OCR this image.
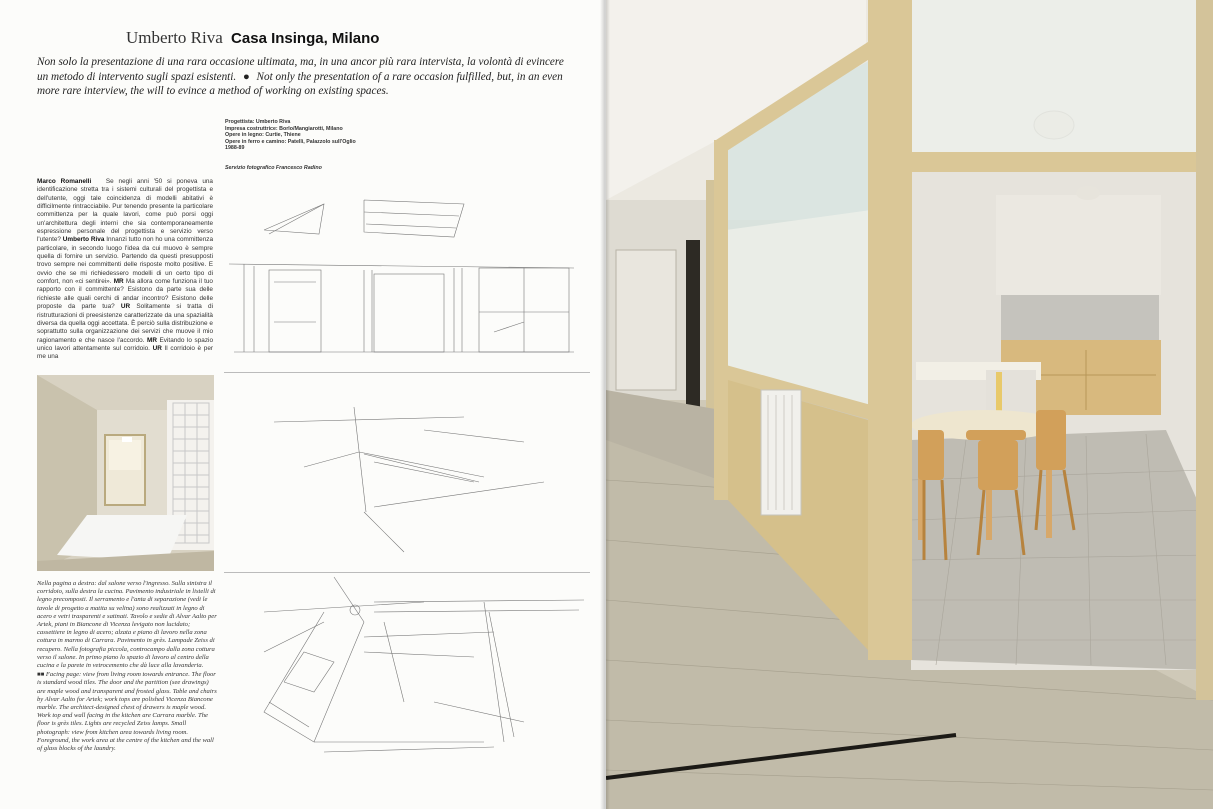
Umberto Riva Casa Insinga, Milano
Non solo la presentazione di una rara occasione ultimata, ma, in una ancor più rara intervista, la volontà di evincere un metodo di intervento sugli spazi esistenti. ● Not only the presentation of a rare occasion fulfilled, but, in an even more rare interview, the will to evince a method of working on existing spaces.
Progettista: Umberto Riva
Impresa costruttrice: Borlo/Mangiarotti, Milano
Opere in legno: Curtie, Thiene
Opere in ferro e camino: Patelli, Palazzolo sull'Oglio
1988-89
Servizio fotografico Francesco Radino
Marco Romanelli Se negli anni '50 si poneva una identificazione stretta tra i sistemi culturali del progettista e dell'utente, oggi tale coincidenza di modelli abitativi è difficilmente rintracciabile. Pur tenendo presente la particolare committenza per la quale lavori, come può porsi oggi un'architettura degli interni che sia contemporaneamente espressione personale del progettista e servizio verso l'utente? Umberto Riva Innanzi tutto non ho una committenza particolare, in secondo luogo l'idea da cui muovo è sempre quella di fornire un servizio. Partendo da questi presupposti trovo sempre nei committenti delle risposte molto positive. E ovvio che se mi richiedessero modelli di un certo tipo di comfort, non «ci sentirei». MR Ma allora come funziona il tuo rapporto con il committente? Esistono da parte sua delle richieste alle quali cerchi di andar incontro? Esistono delle proposte da parte tua? UR Solitamente si tratta di ristrutturazioni di preesistenze caratterizzate da una spazialità diversa da quella oggi accettata. È perciò sulla distribuzione e soprattutto sulla organizzazione dei servizi che muove il mio ragionamento e che nasce l'accordo. MR Evitando lo spazio unico lavori attentamente sul corridoio. UR Il corridoio è per me una
Nella pagina a destra: dal salone verso l'ingresso. Sulla sinistra il corridoio, sulla destra la cucina. Pavimento industriale in listelli di legno precomposti. Il serramento e l'anta di separazione (vedi le tavole di progetto a matita su velina) sono realizzati in legno di acero e vetri trasparenti e satinati. Tavolo e sedie di Alvar Aalto per Artek, piani in Biancone di Vicenza levigato non lucidato; cassettiere in legno di acero; alzata e piano di lavoro nella zona cottura in marmo di Carrara. Pavimento in grès. Lampade Zeiss di recupero. Nella fotografia piccola, controcampo dalla zona cottura verso il salone. In primo piano lo spazio di lavoro al centro della cucina e la parete in vetrocemento che dà luce alla lavanderia.
■■ Facing page: view from living room towards entrance. The floor is standard wood tiles. The door and the partition (see drawings) are maple wood and transparent and frosted glass. Table and chairs by Alvar Aalto for Artek; work tops are polished Vicenza Biancone marble. The architect-designed chest of drawers is maple wood. Work top and wall facing in the kitchen are Carrara marble. The floor is grès tiles. Lights are recycled Zeiss lamps. Small photograph: view from kitchen area towards living room. Foreground, the work area at the centre of the kitchen and the wall of glass blocks of the laundry.
